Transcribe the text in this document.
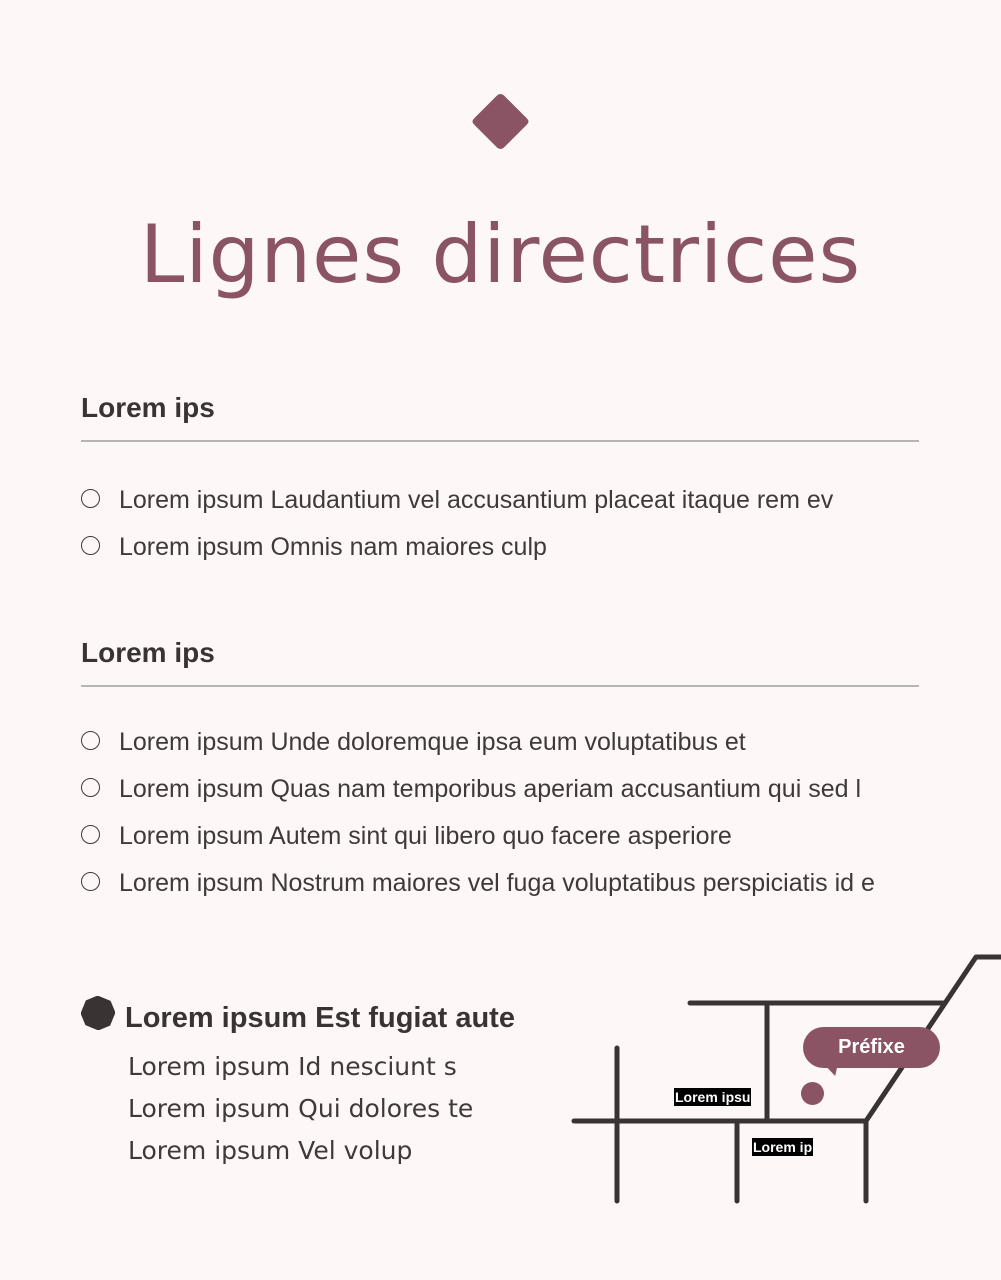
Lignes directrices
Lorem ips
Lorem ipsum Laudantium vel accusantium placeat itaque rem ev
Lorem ipsum Omnis nam maiores culp
Lorem ips
Lorem ipsum Unde doloremque ipsa eum voluptatibus et
Lorem ipsum Quas nam temporibus aperiam accusantium qui sed l
Lorem ipsum Autem sint qui libero quo facere asperiore
Lorem ipsum Nostrum maiores vel fuga voluptatibus perspiciatis id e
Lorem ipsum Est fugiat aute
Lorem ipsum Id nesciunt s
Lorem ipsum Qui dolores te
Lorem ipsum Vel volup
Lorem ipsu
Lorem ip
Préfixe
